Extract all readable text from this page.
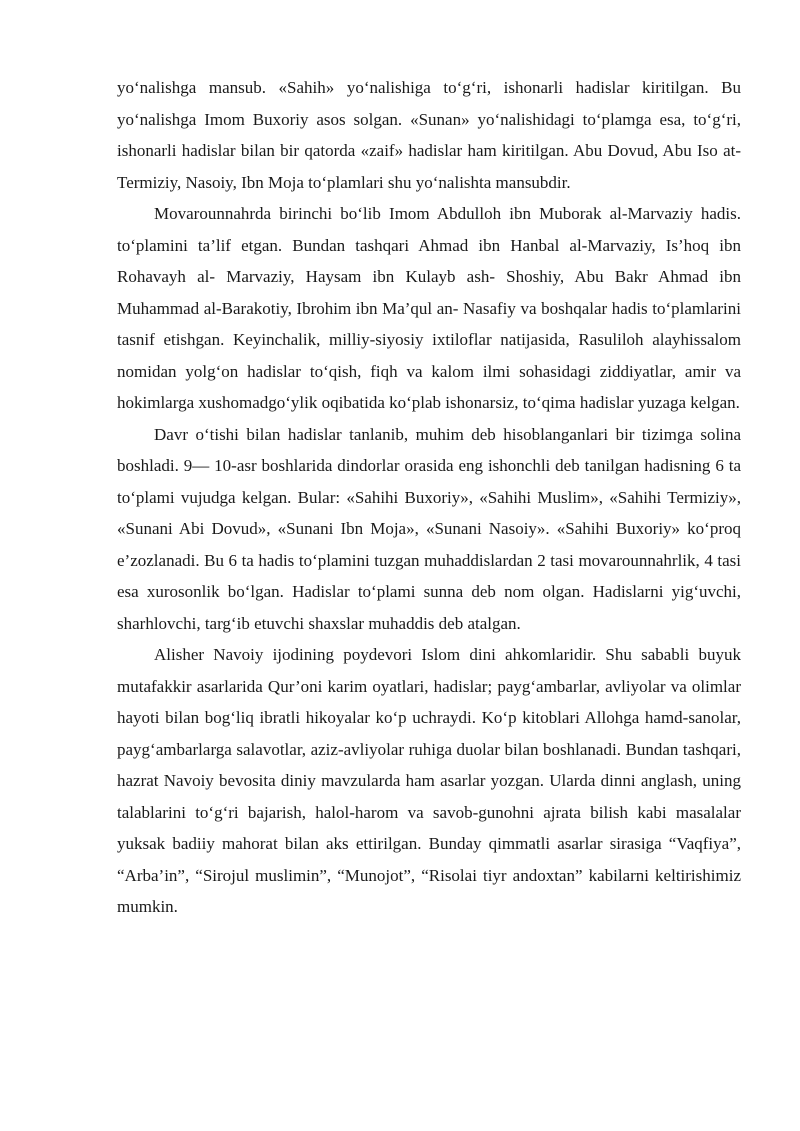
yo‘nalishga mansub. «Sahih» yo‘nalishiga to‘g‘ri, ishonarli hadislar kiritilgan. Bu yo‘nalishga Imom Buxoriy asos solgan. «Sunan» yo‘nalishidagi to‘plamga esa, to‘g‘ri, ishonarli hadislar bilan bir qatorda «zaif» hadislar ham kiritilgan. Abu Dovud, Abu Iso at-Termiziy, Nasoiy, Ibn Moja to‘plamlari shu yo‘nalishta mansubdir.

Movarounnahrda birinchi bo‘lib Imom Abdulloh ibn Muborak al-Marvaziy hadis. to‘plamini ta’lif etgan. Bundan tashqari Ahmad ibn Hanbal al-Marvaziy, Is’hoq ibn Rohavayh al- Marvaziy, Haysam ibn Kulayb ash- Shoshiy, Abu Bakr Ahmad ibn Muhammad al-Barakotiy, Ibrohim ibn Ma’qul an- Nasafiy va boshqalar hadis to‘plamlarini tasnif etishgan. Keyinchalik, milliy-siyosiy ixtiloflar natijasida, Rasuliloh alayhissalom nomidan yolg‘on hadislar to‘qish, fiqh va kalom ilmi sohasidagi ziddiyatlar, amir va hokimlarga xushomadgo‘ylik oqibatida ko‘plab ishonarsiz, to‘qima hadislar yuzaga kelgan.

Davr o‘tishi bilan hadislar tanlanib, muhim deb hisoblanganlari bir tizimga solina boshladi. 9— 10-asr boshlarida dindorlar orasida eng ishonchli deb tanilgan hadisning 6 ta to‘plami vujudga kelgan. Bular: «Sahihi Buxoriy», «Sahihi Muslim», «Sahihi Termiziy», «Sunani Abi Dovud», «Sunani Ibn Moja», «Sunani Nasoiy». «Sahihi Buxoriy» ko‘proq e’zozlanadi. Bu 6 ta hadis to‘plamini tuzgan muhaddislardan 2 tasi movarounnahrlik, 4 tasi esa xurosonlik bo‘lgan. Hadislar to‘plami sunna deb nom olgan. Hadislarni yig‘uvchi, sharhlovchi, targ‘ib etuvchi shaxslar muhaddis deb atalgan.

Alisher Navoiy ijodining poydevori Islom dini ahkomlaridir. Shu sababli buyuk mutafakkir asarlarida Qur’oni karim oyatlari, hadislar; payg‘ambarlar, avliyolar va olimlar hayoti bilan bog‘liq ibratli hikoyalar ko‘p uchraydi. Ko‘p kitoblari Allohga hamd-sanolar, payg‘ambarlarga salavotlar, aziz-avliyolar ruhiga duolar bilan boshlanadi. Bundan tashqari, hazrat Navoiy bevosita diniy mavzularda ham asarlar yozgan. Ularda dinni anglash, uning talablarini to‘g‘ri bajarish, halol-harom va savob-gunohni ajrata bilish kabi masalalar yuksak badiiy mahorat bilan aks ettirilgan. Bunday qimmatli asarlar sirasiga “Vaqfiya”, “Arba’in”, “Sirojul muslimin”, “Munojot”, “Risolai tiyr andoxtan” kabilarni keltirishimiz mumkin.
